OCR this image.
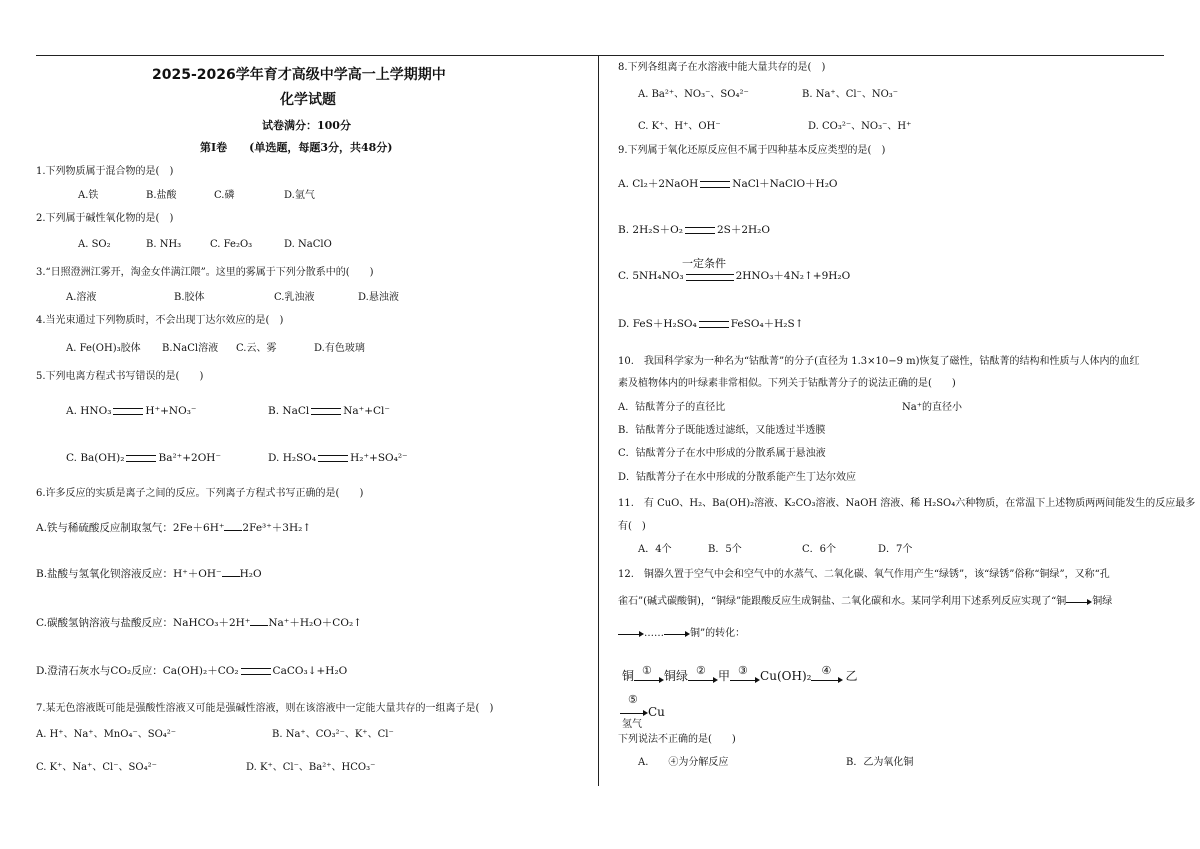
2025-2026学年育才高级中学高一上学期期中
化学试题
试卷满分：100分
第Ⅰ卷　　(单选题，每题3分，共48分)
1.下列物质属于混合物的是(　)
A.铁	B.盐酸	C.磷	D.氩气
2.下列属于碱性氧化物的是(　)
A. SO₂	B. NH₃	C. Fe₂O₃	D. NaClO
3.“日照澄洲江雾开，淘金女伴满江隈”。这里的雾属于下列分散系中的(　　)
A.溶液	B.胶体	C.乳浊液	D.悬浊液
4.当光束通过下列物质时，不会出现丁达尔效应的是(　)
A. Fe(OH)₃胶体 B.NaCl溶液 C.云、雾	D.有色玻璃
5.下列电离方程式书写错误的是(　　)
A. HNO₃	H⁺+NO₃⁻	B. NaCl	Na⁺+Cl⁻
C. Ba(OH)₂	Ba²⁺+2OH⁻	D. H₂SO₄	H₂⁺+SO₄²⁻
6.许多反应的实质是离子之间的反应。下列离子方程式书写正确的是(　　)
A.铁与稀硫酸反应制取氢气：2Fe＋6H⁺ 2Fe³⁺＋3H₂↑
B.盐酸与氢氧化钡溶液反应：H⁺＋OH⁻ H₂O
C.碳酸氢钠溶液与盐酸反应：NaHCO₃＋2H⁺ Na⁺＋H₂O＋CO₂↑
D.澄清石灰水与CO₂反应：Ca(OH)₂＋CO₂	CaCO₃↓+H₂O
7.某无色溶液既可能是强酸性溶液又可能是强碱性溶液，则在该溶液中一定能大量共存的一组离子是(　)
A. H⁺、Na⁺、MnO₄⁻、SO₄²⁻	B. Na⁺、CO₃²⁻、K⁺、Cl⁻
C. K⁺、Na⁺、Cl⁻、SO₄²⁻	D. K⁺、Cl⁻、Ba²⁺、HCO₃⁻
8.下列各组离子在水溶液中能大量共存的是(　)
A. Ba²⁺、NO₃⁻、SO₄²⁻	B. Na⁺、Cl⁻、NO₃⁻
C. K⁺、H⁺、OH⁻	D. CO₃²⁻、NO₃⁻、H⁺
9.下列属于氧化还原反应但不属于四种基本反应类型的是(　)
A. Cl₂＋2NaOH	NaCl＋NaClO＋H₂O
B. 2H₂S＋O₂	2S＋2H₂O
C. 5NH₄NO₃	2HNO₃＋4N₂↑+9H₂O
一定条件
D. FeS＋H₂SO₄	FeSO₄＋H₂S↑
10.　我国科学家为一种名为“钴酞菁”的分子(直径为 1.3×10−9 m)恢复了磁性，钴酞菁的结构和性质与人体内的血红
素及植物体内的叶绿素非常相似。下列关于钴酞菁分子的说法正确的是(　　)
A．钴酞菁分子的直径比	Na⁺的直径小
B．钴酞菁分子既能透过滤纸，又能透过半透膜
C．钴酞菁分子在水中形成的分散系属于悬浊液
D．钴酞菁分子在水中形成的分散系能产生丁达尔效应
11.　有 CuO、H₂、Ba(OH)₂溶液、K₂CO₃溶液、NaOH 溶液、稀 H₂SO₄六种物质，在常温下上述物质两两间能发生的反应最多
有(　)
A．4个	B．5个	C．6个	D．7个
12.　铜器久置于空气中会和空气中的水蒸气、二氧化碳、氧气作用产生“绿锈”，该“绿锈”俗称“铜绿”，又称“孔
雀石”(碱式碳酸铜)，“铜绿”能跟酸反应生成铜盐、二氧化碳和水。某同学利用下述系列反应实现了“铜	铜绿
……	铜”的转化：
铜 ① 铜绿 ② 甲 ③ Cu(OH)₂ ④ 乙
⑤
Cu
氢气
下列说法不正确的是(　　)
A.　　④为分解反应	B．乙为氧化铜
